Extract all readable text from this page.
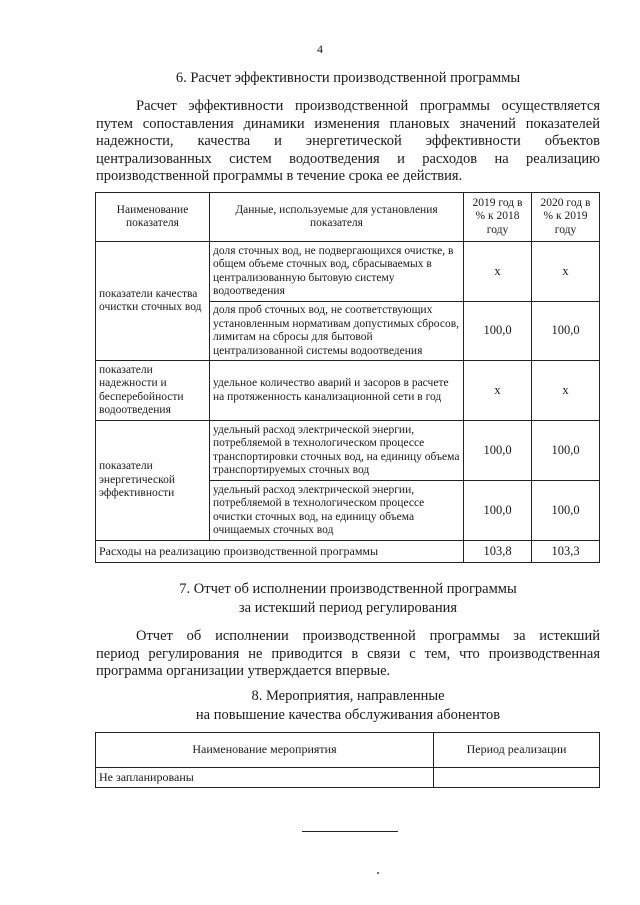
4
6. Расчет эффективности производственной программы
Расчет эффективности производственной программы осуществляется
путем сопоставления динамики изменения плановых значений показателей
надежности, качества и энергетической эффективности объектов
централизованных систем водоотведения и расходов на реализацию
производственной программы в течение срока ее действия.
Наименование показателя	Данные, используемые для установления показателя	2019 год в % к 2018 году	2020 год в % к 2019 году
показатели качества очистки сточных вод	доля сточных вод, не подвергающихся очистке, в общем объеме сточных вод, сбрасываемых в централизованную бытовую систему водоотведения	х	х
	доля проб сточных вод, не соответствующих установленным нормативам допустимых сбросов, лимитам на сбросы для бытовой централизованной системы водоотведения	100,0	100,0
показатели надежности и бесперебойности водоотведения	удельное количество аварий и засоров в расчете на протяженность канализационной сети в год	х	х
показатели энергетической эффективности	удельный расход электрической энергии, потребляемой в технологическом процессе транспортировки сточных вод, на единицу объема транспортируемых сточных вод	100,0	100,0
	удельный расход электрической энергии, потребляемой в технологическом процессе очистки сточных вод, на единицу объема очищаемых сточных вод	100,0	100,0
Расходы на реализацию производственной программы		103,8	103,3
7. Отчет об исполнении производственной программы
за истекший период регулирования
Отчет об исполнении производственной программы за истекший
период регулирования не приводится в связи с тем, что производственная
программа организации утверждается впервые.
8. Мероприятия, направленные
на повышение качества обслуживания абонентов
Наименование мероприятия	Период реализации
Не запланированы	
